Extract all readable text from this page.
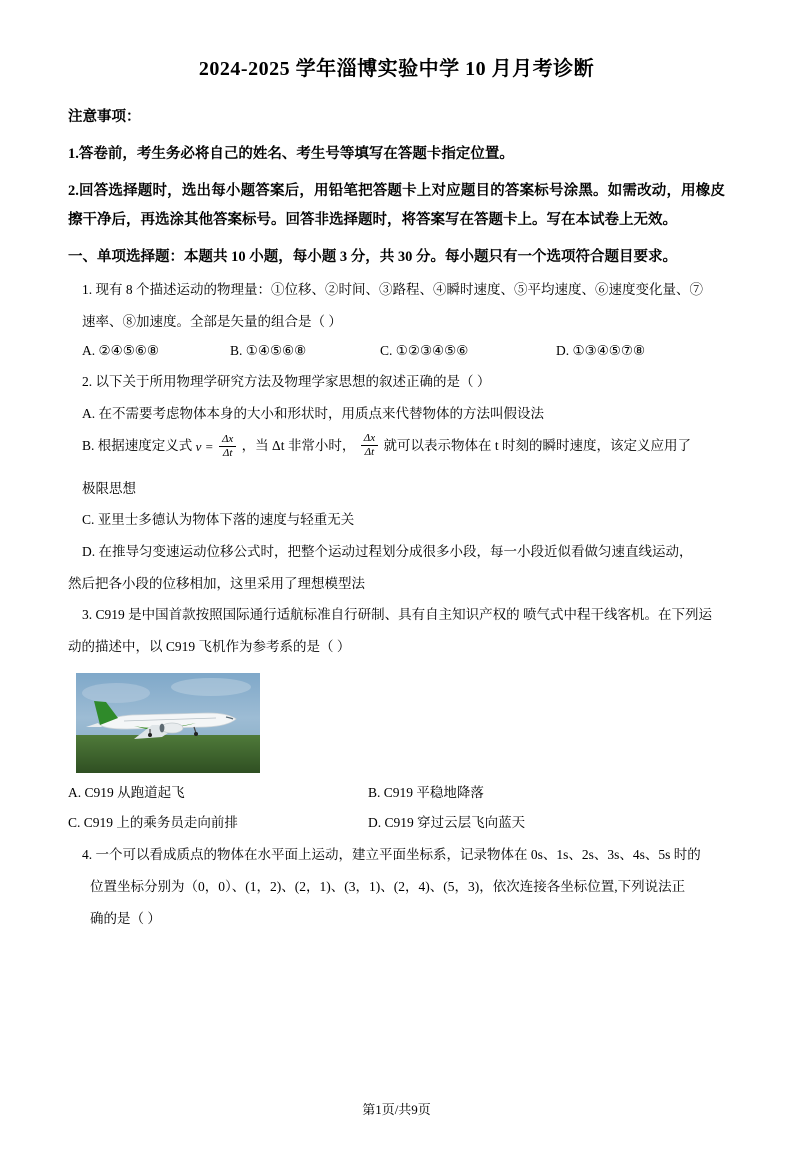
2024-2025 学年淄博实验中学 10 月月考诊断
注意事项：
1.答卷前，考生务必将自己的姓名、考生号等填写在答题卡指定位置。
2.回答选择题时，选出每小题答案后，用铅笔把答题卡上对应题目的答案标号涂黑。如需改动，用橡皮擦干净后，再选涂其他答案标号。回答非选择题时，将答案写在答题卡上。写在本试卷上无效。
一、单项选择题：本题共 10 小题，每小题 3 分，共 30 分。每小题只有一个选项符合题目要求。
1. 现有 8 个描述运动的物理量：①位移、②时间、③路程、④瞬时速度、⑤平均速度、⑥速度变化量、⑦
速率、⑧加速度。全部是矢量的组合是（ ）
A. ②④⑤⑥⑧	B. ①④⑤⑥⑧	C. ①②③④⑤⑥	D. ①③④⑤⑦⑧
2. 以下关于所用物理学研究方法及物理学家思想的叙述正确的是（ ）
A. 在不需要考虑物体本身的大小和形状时，用质点来代替物体的方法叫假设法
B. 根据速度定义式 $v = \frac{\Delta x}{\Delta t}$ ，当 Δt 非常小时， $\frac{\Delta x}{\Delta t}$ 就可以表示物体在 t 时刻的瞬时速度，该定义应用了
极限思想
C. 亚里士多德认为物体下落的速度与轻重无关
D. 在推导匀变速运动位移公式时，把整个运动过程划分成很多小段，每一小段近似看做匀速直线运动，
然后把各小段的位移相加，这里采用了理想模型法
3. C919 是中国首款按照国际通行适航标准自行研制、具有自主知识产权的 喷气式中程干线客机。在下列运
动的描述中，以 C919 飞机作为参考系的是（ ）
A. C919 从跑道起飞	B. C919 平稳地降落
C. C919 上的乘务员走向前排	D. C919 穿过云层飞向蓝天
4. 一个可以看成质点的物体在水平面上运动，建立平面坐标系，记录物体在 0s、1s、2s、3s、4s、5s 时的
位置坐标分别为（0，0）、(1，2)、(2，1)、(3，1)、(2，4)、(5，3)，依次连接各坐标位置,下列说法正
确的是（ ）
第1页/共9页
